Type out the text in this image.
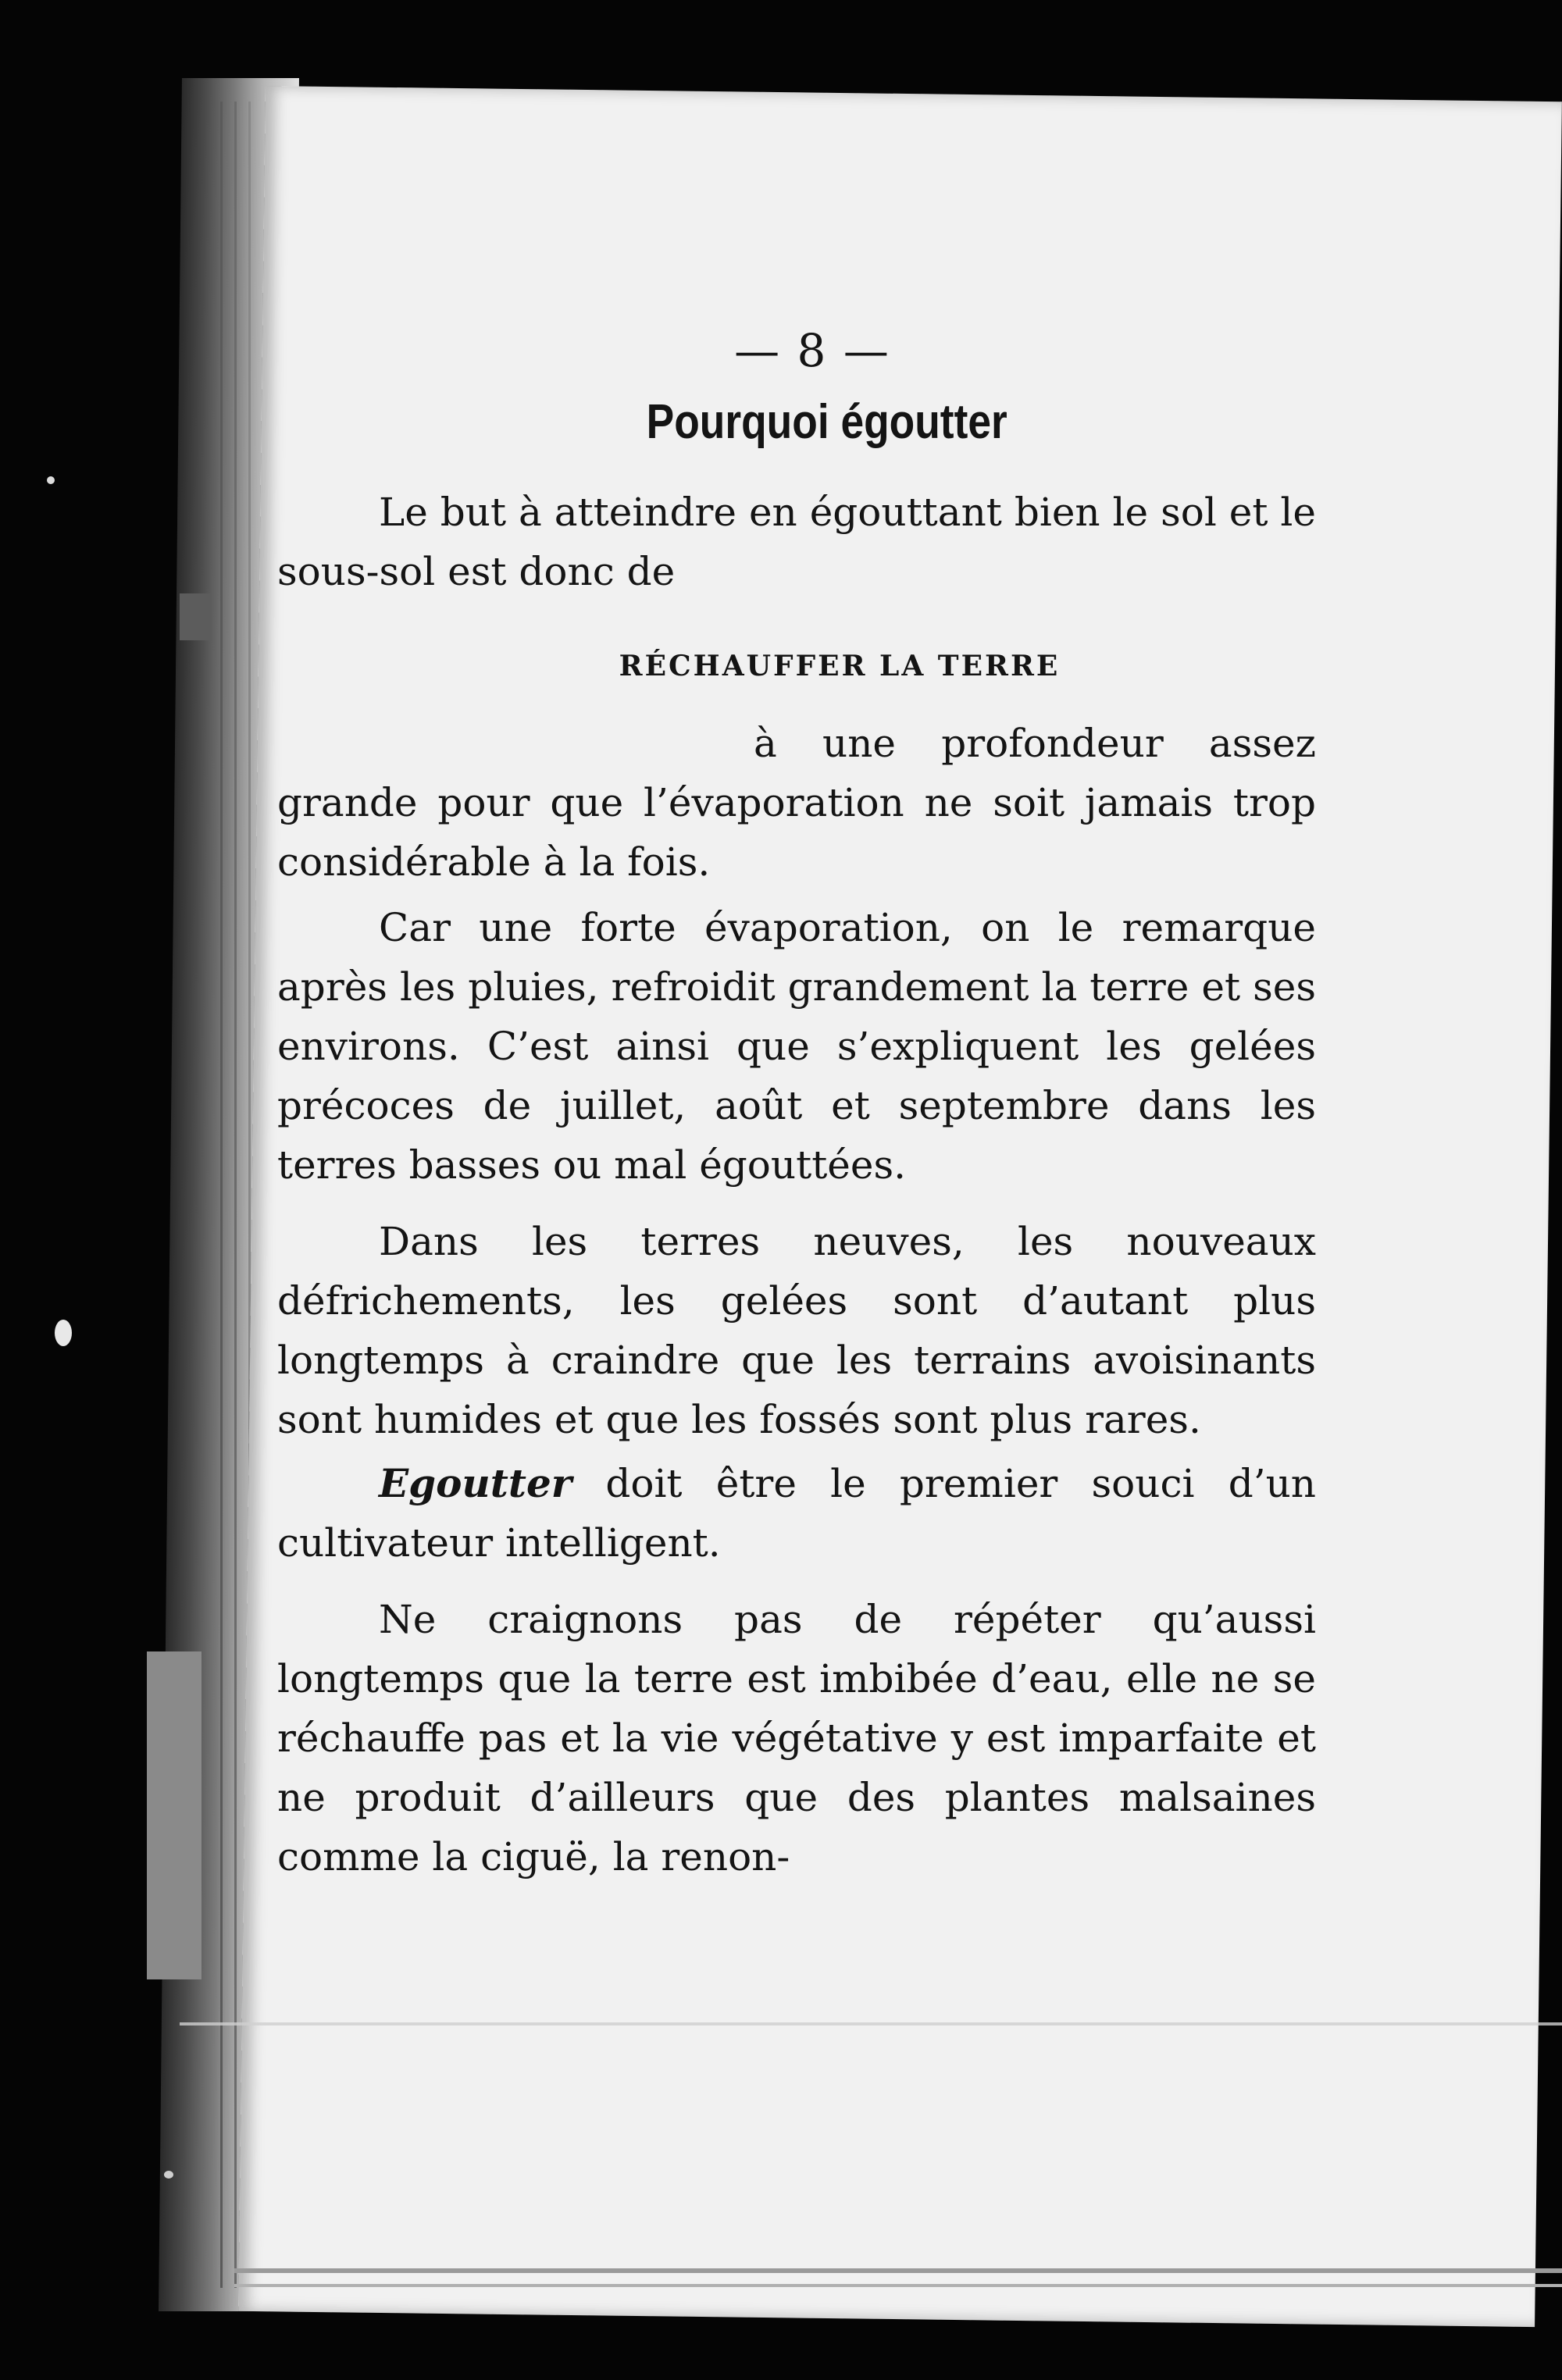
— 8 —

Pourquoi égoutter

Le but à atteindre en égouttant bien le sol et le sous-sol est donc de

RÉCHAUFFER LA TERRE

à une profondeur assez grande pour que l’évaporation ne soit jamais trop considérable à la fois.

Car une forte évaporation, on le remarque après les pluies, refroidit grandement la terre et ses environs. C’est ainsi que s’expliquent les gelées précoces de juillet, août et septembre dans les terres basses ou mal égouttées.

Dans les terres neuves, les nouveaux défrichements, les gelées sont d’autant plus longtemps à craindre que les terrains avoisinants sont humides et que les fossés sont plus rares.

Egoutter doit être le premier souci d’un cultivateur intelligent.

Ne craignons pas de répéter qu’aussi longtemps que la terre est imbibée d’eau, elle ne se réchauffe pas et la vie végétative y est imparfaite et ne produit d’ailleurs que des plantes malsaines comme la ciguë, la renon-
